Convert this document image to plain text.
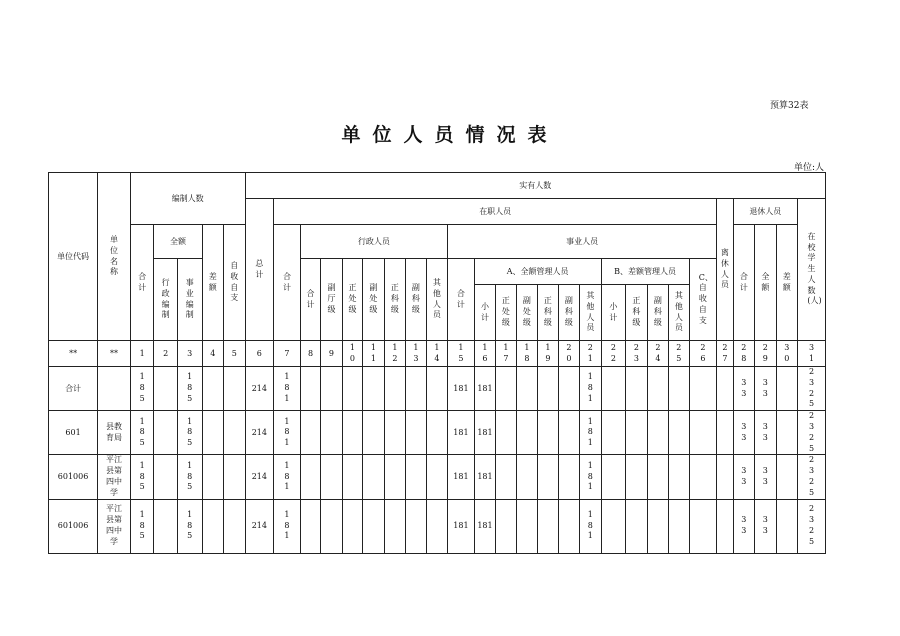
预算32表
单位人员情况表
单位:人
单位代码	单位名称	编制人数					实有人数																									
							总计	在职人员																				离休人员	退休人员			在校学生人数(人)
		合计	全额		差额	自收自支		合计	行政人员							事业人员													合计	全额	差额	
			行政编制	事业编制					合计	副厅级	正处级	副处级	正科级	副科级	其他人员	合计	A、全额管理人员						B、差额管理人员				C、自收自支					
																	小计	正处级	副处级	正科级	副科级	其他人员	小计	正科级	副科级	其他人员						

**	**	1	2	3	4	5	6	7	8	9	10	11	12	13	14	15	16	17	18	19	20	21	22	23	24	25	26	27	28	29	30	31
合计		185		185			214	181								181	181					181							33	33		2325
601	县教育局	185		185			214	181								181	181					181							33	33		2325
601006	平江县第四中学	185		185			214	181								181	181					181							33	33		2325
601006	平江县第四中学	185		185			214	181								181	181					181							33	33		2325
